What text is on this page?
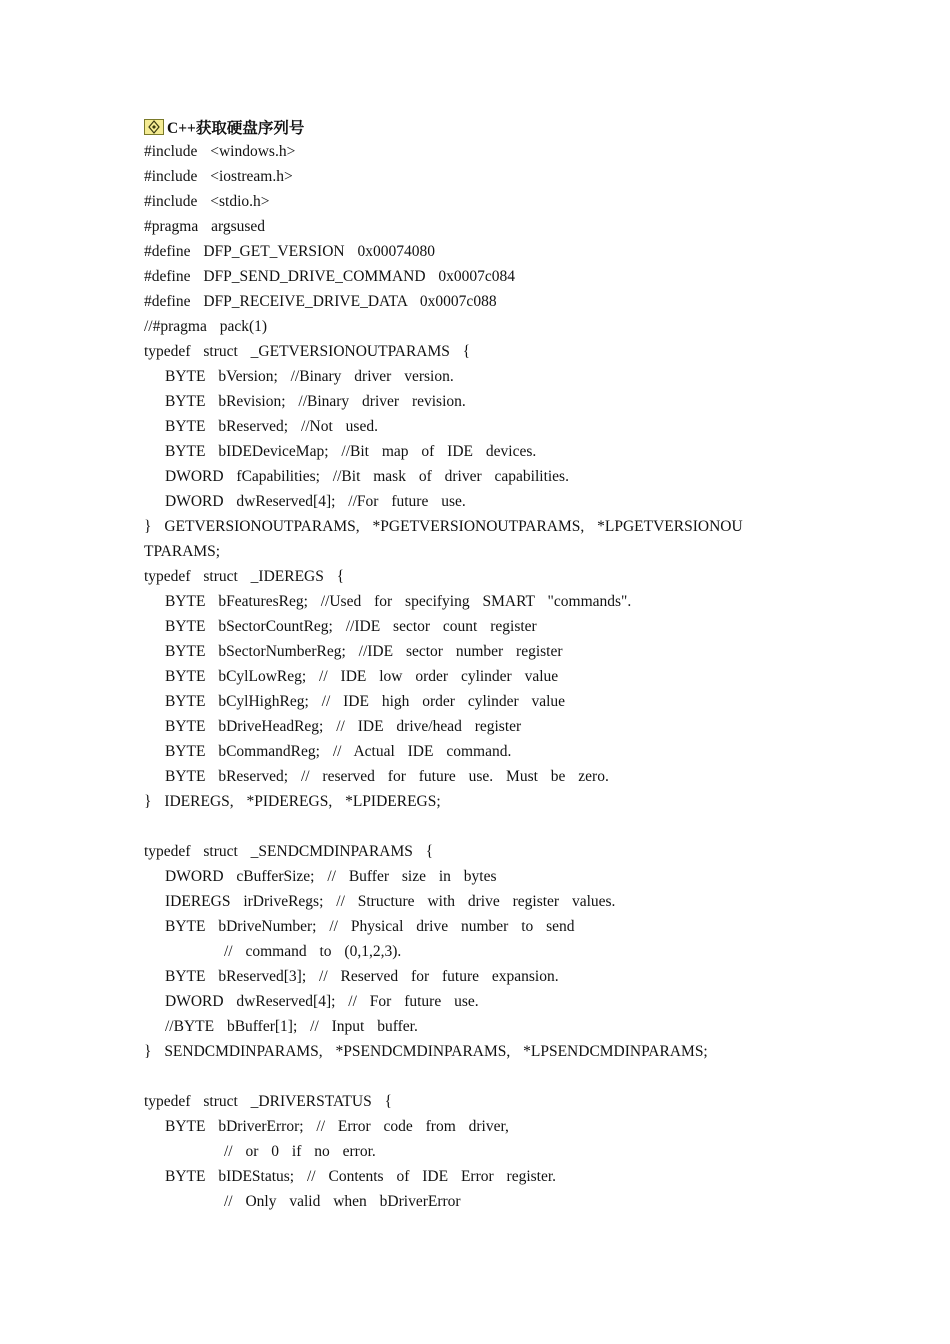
C++获取硬盘序列号
#include <windows.h>
#include <iostream.h>
#include <stdio.h>
#pragma argsused
#define DFP_GET_VERSION 0x00074080
#define DFP_SEND_DRIVE_COMMAND 0x0007c084
#define DFP_RECEIVE_DRIVE_DATA 0x0007c088
//#pragma pack(1)
typedef struct _GETVERSIONOUTPARAMS {
BYTE bVersion; //Binary driver version.
BYTE bRevision; //Binary driver revision.
BYTE bReserved; //Not used.
BYTE bIDEDeviceMap; //Bit map of IDE devices.
DWORD fCapabilities; //Bit mask of driver capabilities.
DWORD dwReserved[4]; //For future use.
} GETVERSIONOUTPARAMS, *PGETVERSIONOUTPARAMS, *LPGETVERSIONOU
TPARAMS;
typedef struct _IDEREGS {
BYTE bFeaturesReg; //Used for specifying SMART "commands".
BYTE bSectorCountReg; //IDE sector count register
BYTE bSectorNumberReg; //IDE sector number register
BYTE bCylLowReg; // IDE low order cylinder value
BYTE bCylHighReg; // IDE high order cylinder value
BYTE bDriveHeadReg; // IDE drive/head register
BYTE bCommandReg; // Actual IDE command.
BYTE bReserved; // reserved for future use. Must be zero.
} IDEREGS, *PIDEREGS, *LPIDEREGS;
typedef struct _SENDCMDINPARAMS {
DWORD cBufferSize; // Buffer size in bytes
IDEREGS irDriveRegs; // Structure with drive register values.
BYTE bDriveNumber; // Physical drive number to send
// command to (0,1,2,3).
BYTE bReserved[3]; // Reserved for future expansion.
DWORD dwReserved[4]; // For future use.
//BYTE bBuffer[1]; // Input buffer.
} SENDCMDINPARAMS, *PSENDCMDINPARAMS, *LPSENDCMDINPARAMS;
typedef struct _DRIVERSTATUS {
BYTE bDriverError; // Error code from driver,
// or 0 if no error.
BYTE bIDEStatus; // Contents of IDE Error register.
// Only valid when bDriverError
